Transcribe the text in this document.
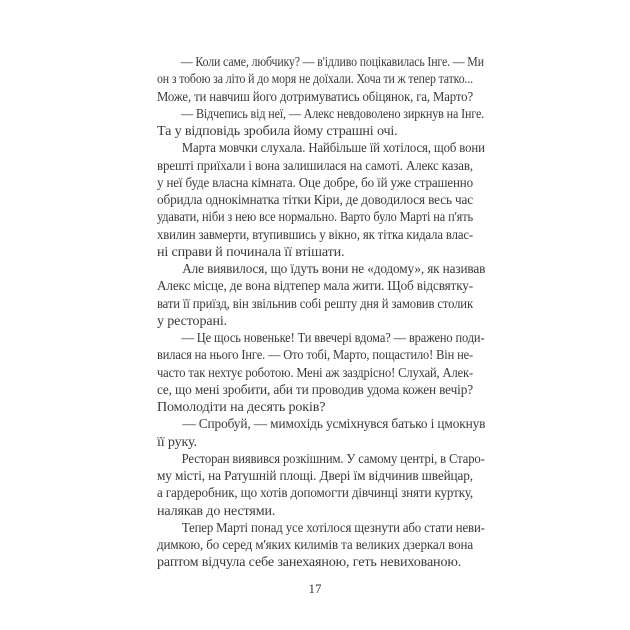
— Коли саме, любчику? — в'ідливо поцікавилась Інге. — Ми
он з тобою за літо й до моря не доїхали. Хоча ти ж тепер татко...
Може, ти навчиш його дотримуватись обіцянок, га, Марто?
— Відчепись від неї, — Алекс невдоволено зиркнув на Інге.
Та у відповідь зробила йому страшні очі.
Марта мовчки слухала. Найбільше їй хотілося, щоб вони
врешті приїхали і вона залишилася на самоті. Алекс казав,
у неї буде власна кімната. Оце добре, бо їй уже страшенно
обридла однокімнатка тітки Кіри, де доводилося весь час
удавати, ніби з нею все нормально. Варто було Марті на п'ять
хвилин завмерти, втупившись у вікно, як тітка кидала влас-
ні справи й починала її втішати.
Але виявилося, що їдуть вони не «додому», як називав
Алекс місце, де вона відтепер мала жити. Щоб відсвятку-
вати її приїзд, він звільнив собі решту дня й замовив столик
у ресторані.
— Це щось новеньке! Ти ввечері вдома? — вражено поди-
вилася на нього Інге. — Ото тобі, Марто, пощастило! Він не-
часто так нехтує роботою. Мені аж заздрісно! Слухай, Алек-
се, що мені зробити, аби ти проводив удома кожен вечір?
Помолодіти на десять років?
— Спробуй, — мимохідь усміхнувся батько і цмокнув
її руку.
Ресторан виявився розкішним. У самому центрі, в Старо-
му місті, на Ратушній площі. Двері їм відчинив швейцар,
а гардеробник, що хотів допомогти дівчинці зняти куртку,
налякав до нестями.
Тепер Марті понад усе хотілося щезнути або стати неви-
димкою, бо серед м'яких килимів та великих дзеркал вона
раптом відчула себе занехаяною, геть невихованою.
17
